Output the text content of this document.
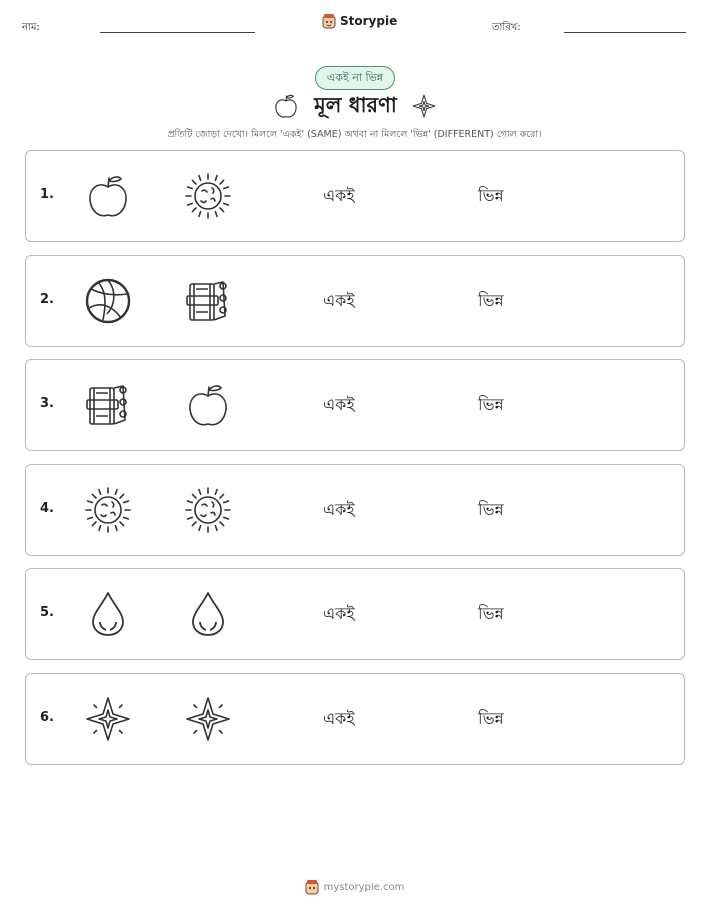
নাম:	Storypie	তারিখ:
একই না ভিন্ন
মূল ধারণা
প্রতিটি জোড়া দেখো। মিললে 'একই' (SAME) অথবা না মিললে 'ভিন্ন' (DIFFERENT) গোল করো।
1.	একই	ভিন্ন
2.	একই	ভিন্ন
3.	একই	ভিন্ন
4.	একই	ভিন্ন
5.	একই	ভিন্ন
6.	একই	ভিন্ন
mystorypie.com
